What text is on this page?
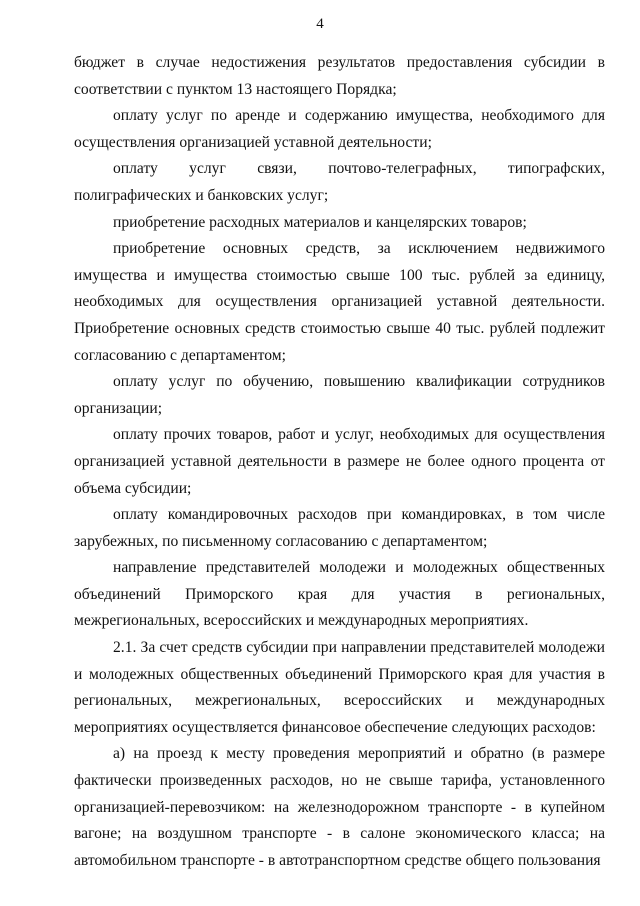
4

бюджет в случае недостижения результатов предоставления субсидии в соответствии с пунктом 13 настоящего Порядка;

оплату услуг по аренде и содержанию имущества, необходимого для осуществления организацией уставной деятельности;

оплату услуг связи, почтово-телеграфных, типографских, полиграфических и банковских услуг;

приобретение расходных материалов и канцелярских товаров;

приобретение основных средств, за исключением недвижимого имущества и имущества стоимостью свыше 100 тыс. рублей за единицу, необходимых для осуществления организацией уставной деятельности. Приобретение основных средств стоимостью свыше 40 тыс. рублей подлежит согласованию с департаментом;

оплату услуг по обучению, повышению квалификации сотрудников организации;

оплату прочих товаров, работ и услуг, необходимых для осуществления организацией уставной деятельности в размере не более одного процента от объема субсидии;

оплату командировочных расходов при командировках, в том числе зарубежных, по письменному согласованию с департаментом;

направление представителей молодежи и молодежных общественных объединений Приморского края для участия в региональных, межрегиональных, всероссийских и международных мероприятиях.

2.1. За счет средств субсидии при направлении представителей молодежи и молодежных общественных объединений Приморского края для участия в региональных, межрегиональных, всероссийских и международных мероприятиях осуществляется финансовое обеспечение следующих расходов:

а) на проезд к месту проведения мероприятий и обратно (в размере фактически произведенных расходов, но не свыше тарифа, установленного организацией-перевозчиком: на железнодорожном транспорте - в купейном вагоне; на воздушном транспорте - в салоне экономического класса; на автомобильном транспорте - в автотранспортном средстве общего пользования
